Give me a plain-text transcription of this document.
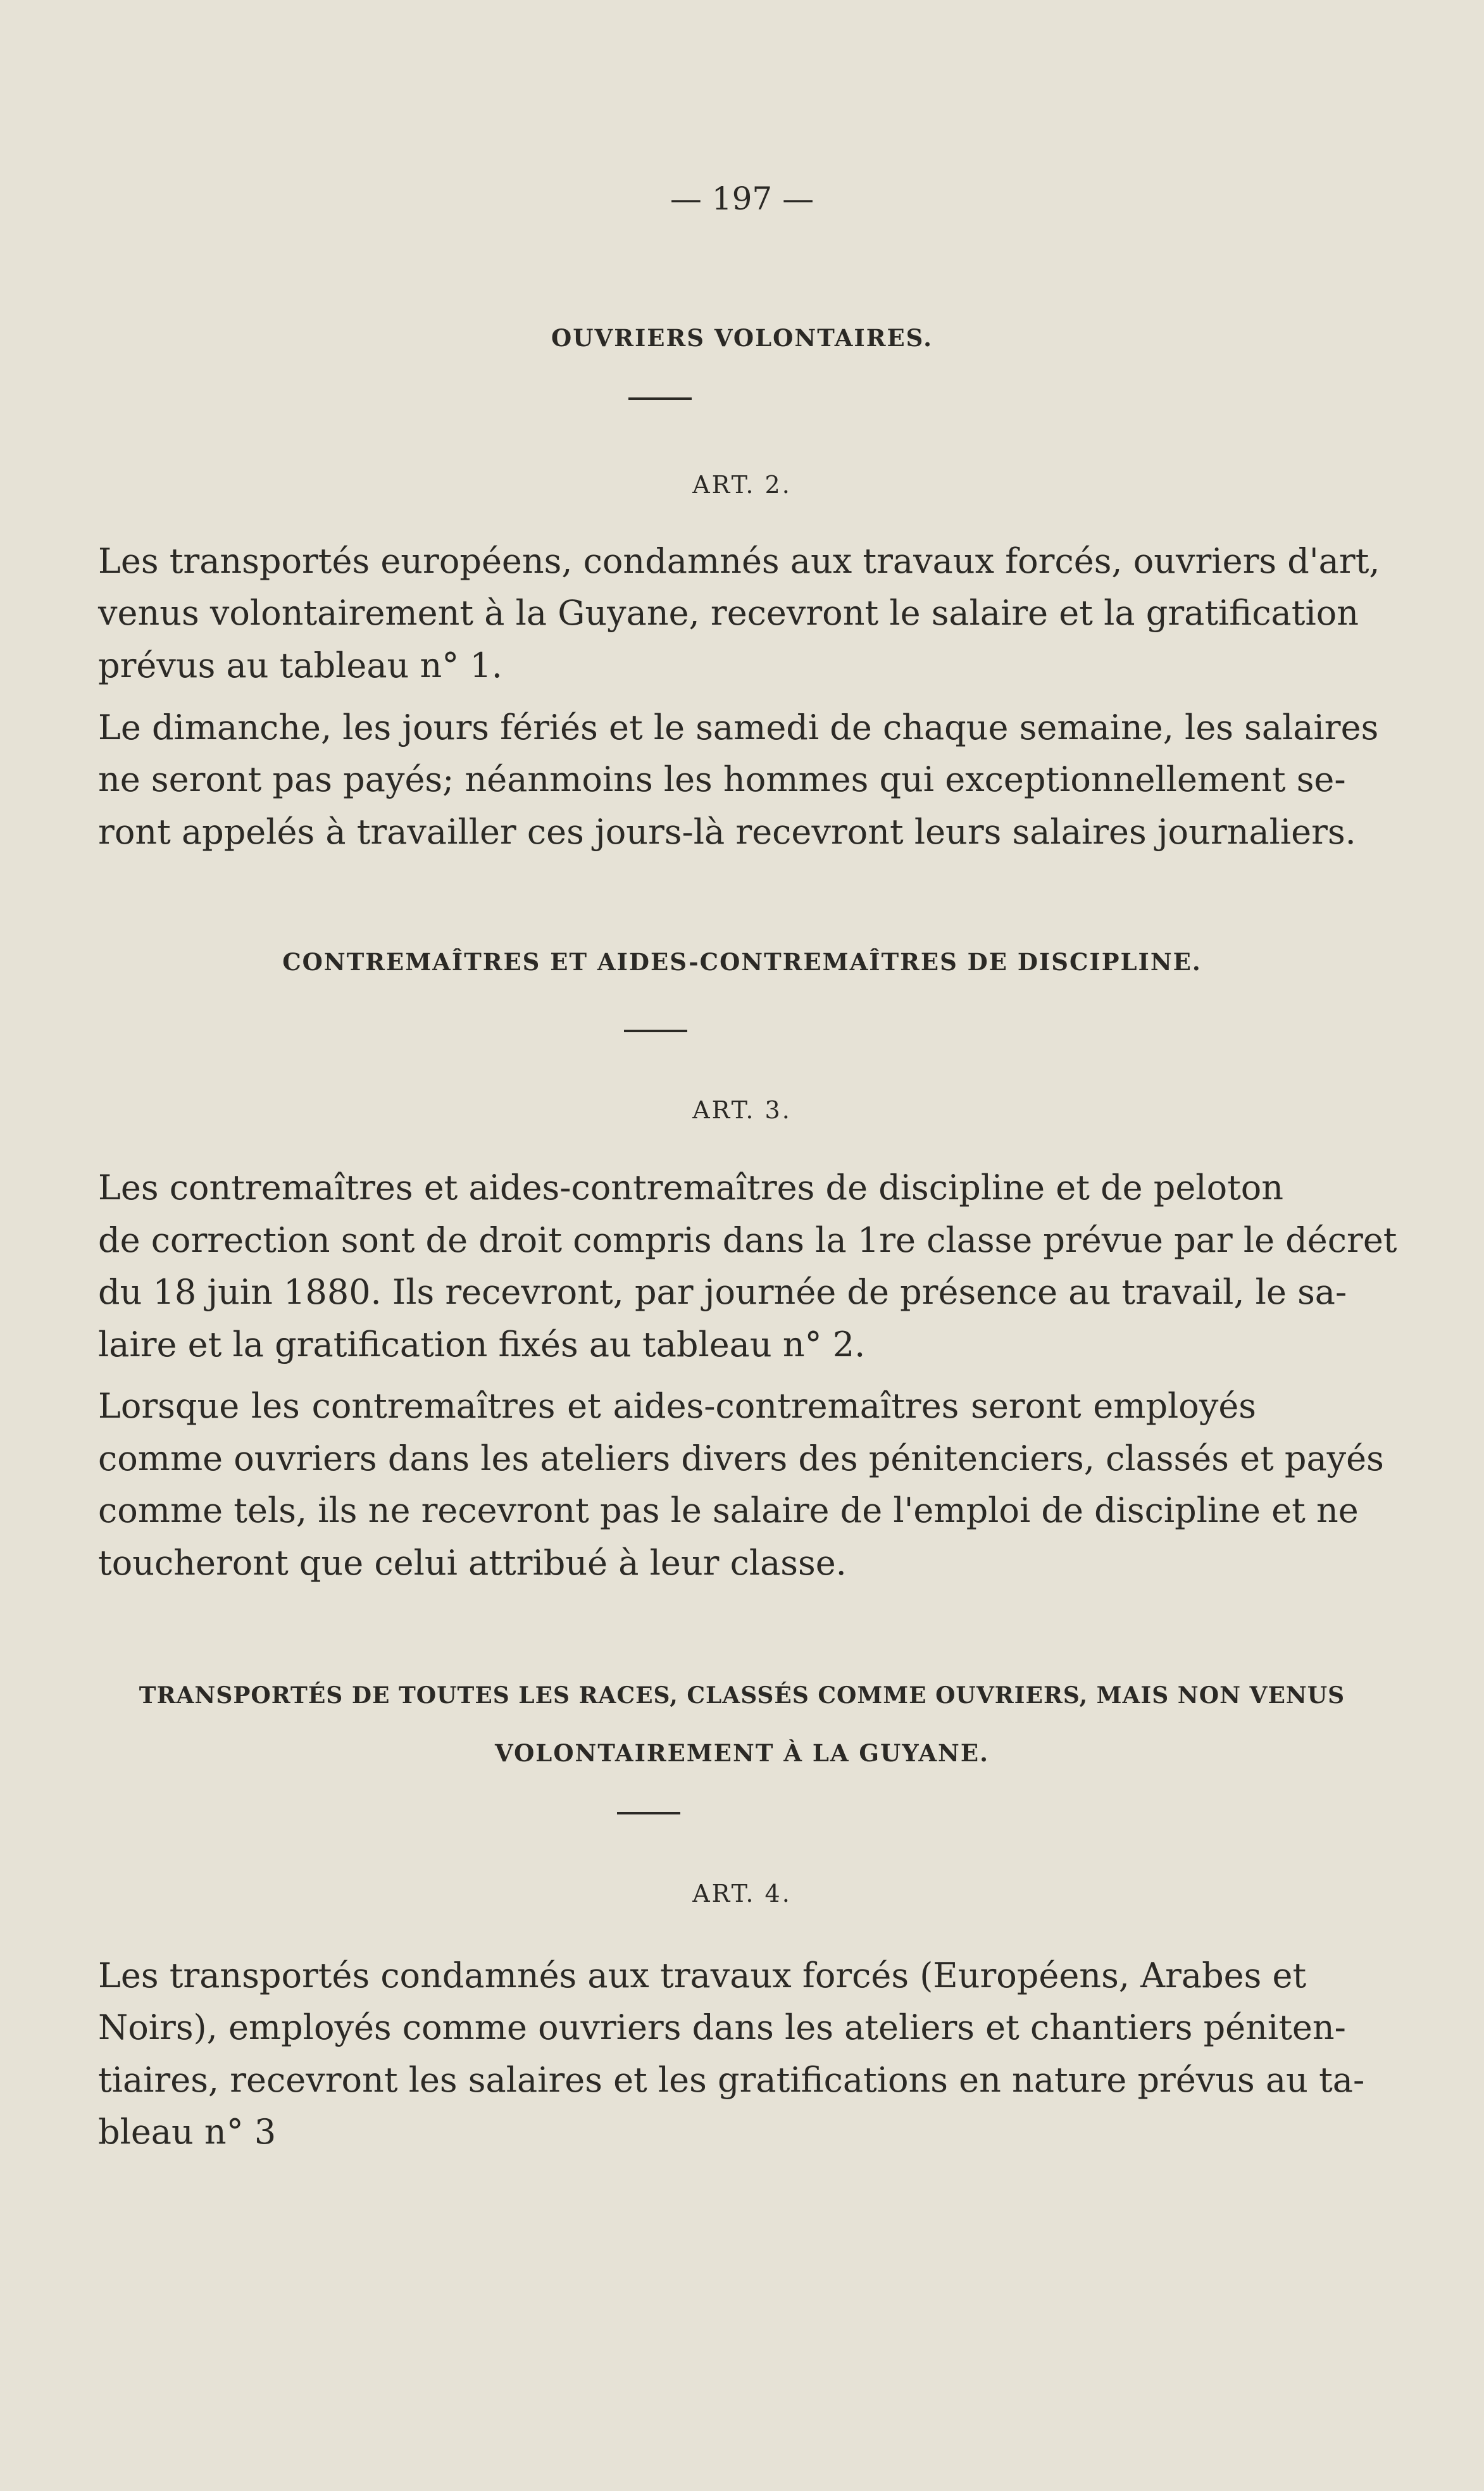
— 197 —
OUVRIERS VOLONTAIRES.
ART. 2.
Les transportés européens, condamnés aux travaux forcés, ouvriers d'art,
venus volontairement à la Guyane, recevront le salaire et la gratification
prévus au tableau n° 1.
Le dimanche, les jours fériés et le samedi de chaque semaine, les salaires
ne seront pas payés; néanmoins les hommes qui exceptionnellement se-
ront appelés à travailler ces jours-là recevront leurs salaires journaliers.
CONTREMAÎTRES ET AIDES-CONTREMAÎTRES DE DISCIPLINE.
ART. 3.
Les contremaîtres et aides-contremaîtres de discipline et de peloton
de correction sont de droit compris dans la 1re classe prévue par le décret
du 18 juin 1880. Ils recevront, par journée de présence au travail, le sa-
laire et la gratification fixés au tableau n° 2.
Lorsque les contremaîtres et aides-contremaîtres seront employés
comme ouvriers dans les ateliers divers des pénitenciers, classés et payés
comme tels, ils ne recevront pas le salaire de l'emploi de discipline et ne
toucheront que celui attribué à leur classe.
TRANSPORTÉS DE TOUTES LES RACES, CLASSÉS COMME OUVRIERS, MAIS NON VENUS
VOLONTAIREMENT À LA GUYANE.
ART. 4.
Les transportés condamnés aux travaux forcés (Européens, Arabes et
Noirs), employés comme ouvriers dans les ateliers et chantiers péniten-
tiaires, recevront les salaires et les gratifications en nature prévus au ta-
bleau n° 3
